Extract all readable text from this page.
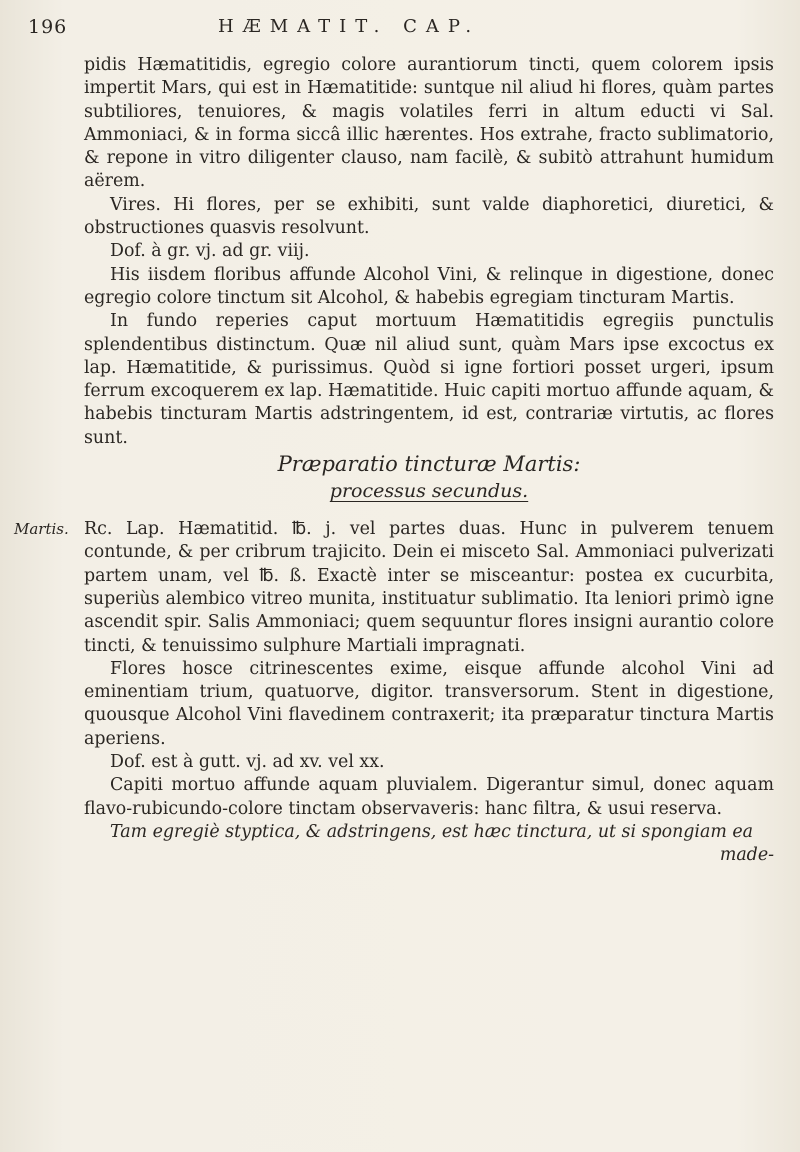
196	HÆMATIT. CAP.

pidis Hæmatitidis, egregio colore aurantiorum tincti, quem colorem ipsis impertit Mars, qui est in Hæmatitide: suntque nil aliud hi flores, quàm partes subtiliores, tenuiores, & magis volatiles ferri in altum educti vi Sal. Ammoniaci, & in forma siccâ illic hærentes. Hos extrahe, fracto sublimatorio, & repone in vitro diligenter clauso, nam facilè, & subitò attrahunt humidum aërem.

Vires. Hi flores, per se exhibiti, sunt valde diaphoretici, diuretici, & obstructiones quasvis resolvunt.

Dof. à gr. vj. ad gr. viij.

His iisdem floribus affunde Alcohol Vini, & relinque in digestione, donec egregio colore tinctum sit Alcohol, & habebis egregiam tincturam Martis.

In fundo reperies caput mortuum Hæmatitidis egregiis punctulis splendentibus distinctum. Quæ nil aliud sunt, quàm Mars ipse excoctus ex lap. Hæmatitide, & purissimus. Quòd si igne fortiori posset urgeri, ipsum ferrum excoquerem ex lap. Hæmatitide. Huic capiti mortuo affunde aquam, & habebis tincturam Martis adstringentem, id est, contrariæ virtutis, ac flores sunt.

Præparatio tincturæ Martis:

processus secundus.

Martis. Rc. Lap. Hæmatitid. ℔. j. vel partes duas. Hunc in pulverem tenuem contunde, & per cribrum trajicito. Dein ei misceto Sal. Ammoniaci pulverizati partem unam, vel ℔. ß. Exactè inter se misceantur: postea ex cucurbita, superiùs alembico vitreo munita, instituatur sublimatio. Ita leniori primò igne ascendit spir. Salis Ammoniaci; quem sequuntur flores insigni aurantio colore tincti, & tenuissimo sulphure Martiali impragnati.

Flores hosce citrinescentes exime, eisque affunde alcohol Vini ad eminentiam trium, quatuorve, digitor. transversorum. Stent in digestione, quousque Alcohol Vini flavedinem contraxerit; ita præparatur tinctura Martis aperiens.

Dof. est à gutt. vj. ad xv. vel xx.

Capiti mortuo affunde aquam pluvialem. Digerantur simul, donec aquam flavo-rubicundo-colore tinctam observaveris: hanc filtra, & usui reserva.

Tam egregiè styptica, & adstringens, est hæc tinctura, ut si spongiam ea

made-
